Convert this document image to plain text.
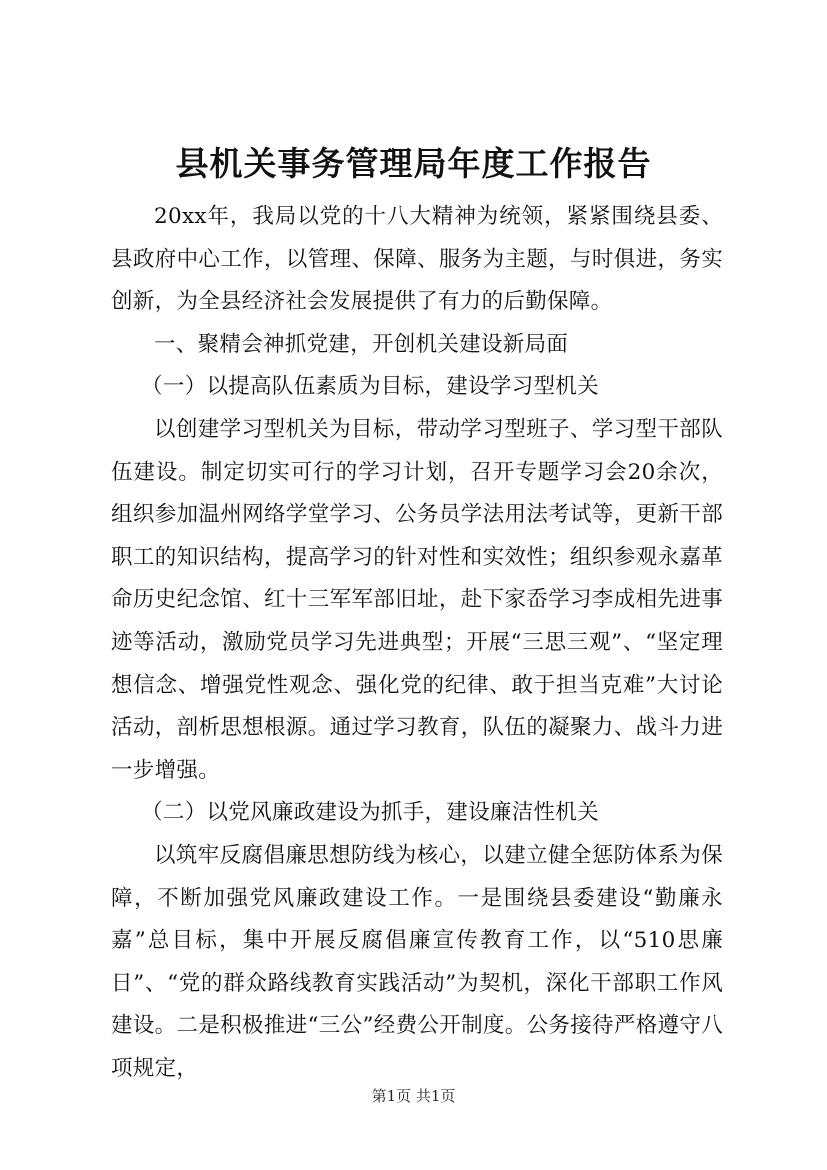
县机关事务管理局年度工作报告

20xx年，我局以党的十八大精神为统领，紧紧围绕县委、县政府中心工作，以管理、保障、服务为主题，与时俱进，务实创新，为全县经济社会发展提供了有力的后勤保障。

一、聚精会神抓党建，开创机关建设新局面

（一）以提高队伍素质为目标，建设学习型机关

以创建学习型机关为目标，带动学习型班子、学习型干部队伍建设。制定切实可行的学习计划，召开专题学习会20余次，组织参加温州网络学堂学习、公务员学法用法考试等，更新干部职工的知识结构，提高学习的针对性和实效性；组织参观永嘉革命历史纪念馆、红十三军军部旧址，赴下家岙学习李成相先进事迹等活动，激励党员学习先进典型；开展“三思三观”、“坚定理想信念、增强党性观念、强化党的纪律、敢于担当克难”大讨论活动，剖析思想根源。通过学习教育，队伍的凝聚力、战斗力进一步增强。

（二）以党风廉政建设为抓手，建设廉洁性机关

以筑牢反腐倡廉思想防线为核心，以建立健全惩防体系为保障，不断加强党风廉政建设工作。一是围绕县委建设“勤廉永嘉”总目标，集中开展反腐倡廉宣传教育工作，以“510思廉日”、“党的群众路线教育实践活动”为契机，深化干部职工作风建设。二是积极推进“三公”经费公开制度。公务接待严格遵守八项规定，

第1页 共1页
